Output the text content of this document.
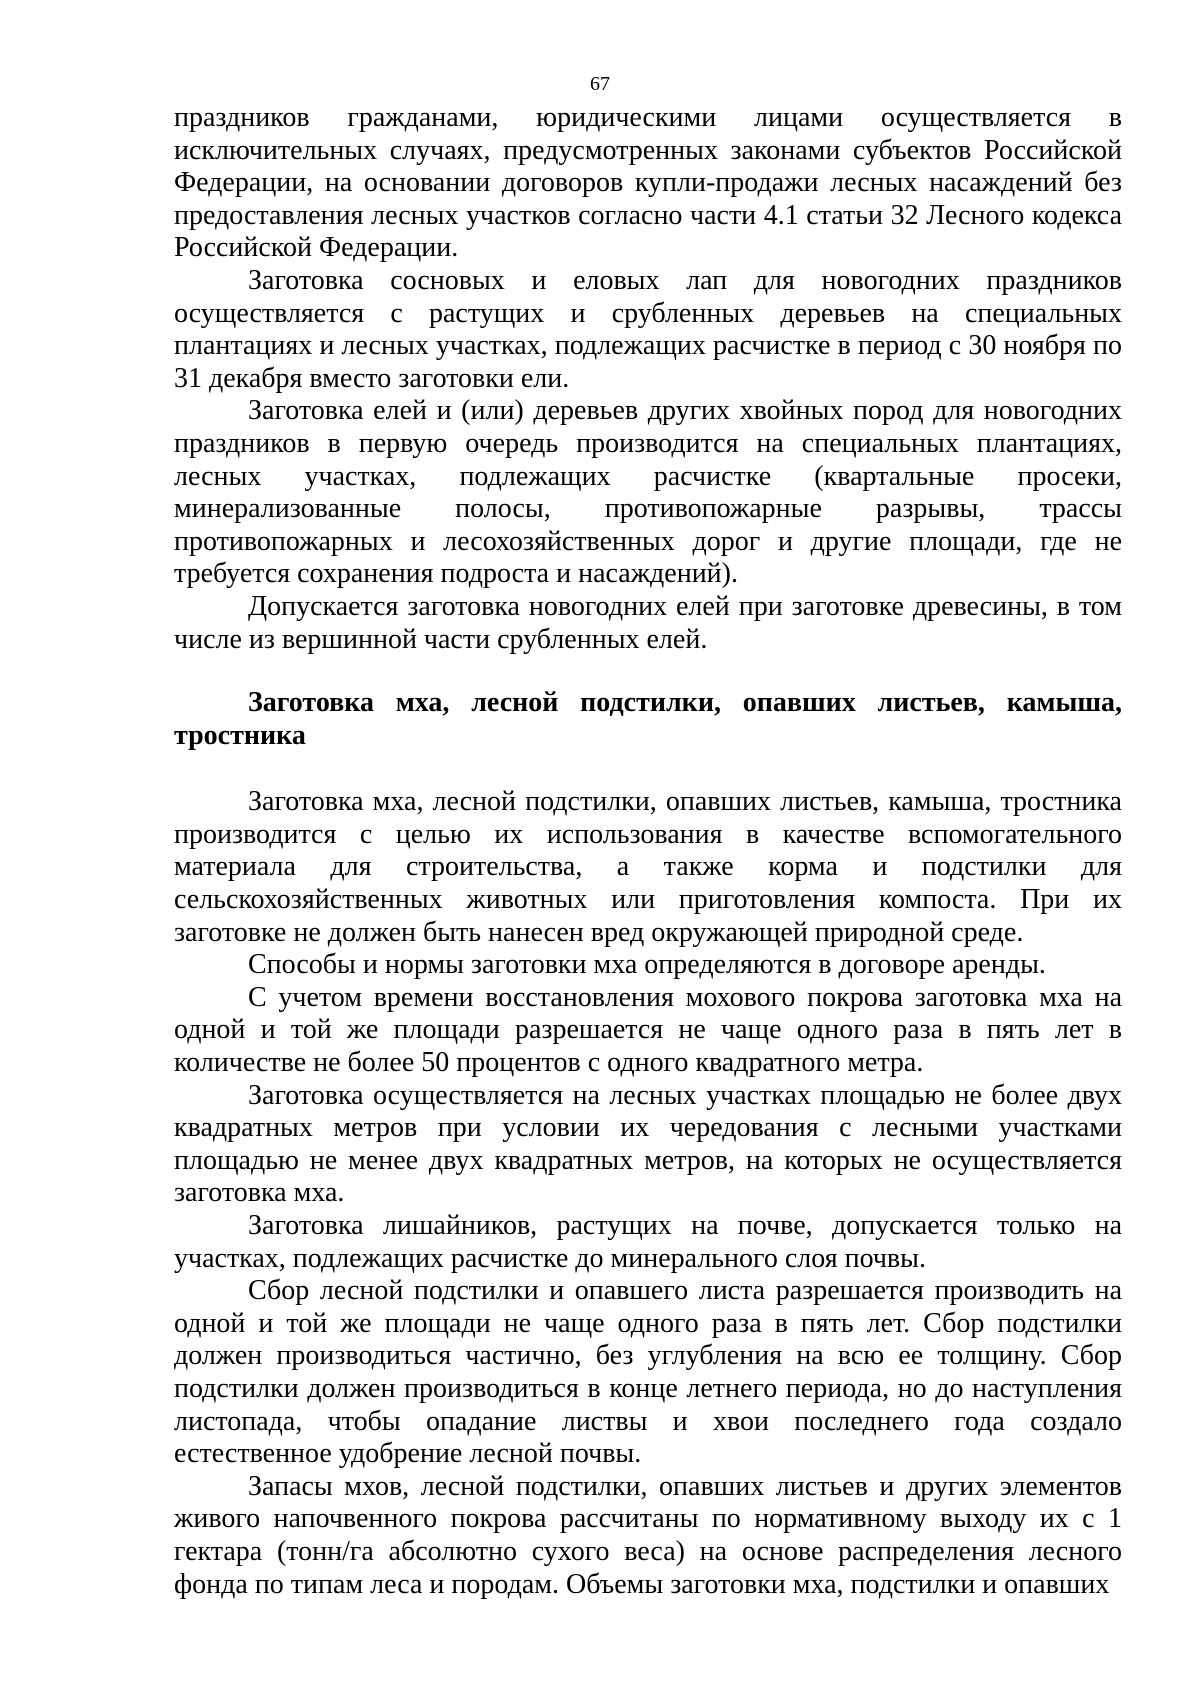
67

праздников гражданами, юридическими лицами осуществляется в исключительных случаях, предусмотренных законами субъектов Российской Федерации, на основании договоров купли-продажи лесных насаждений без предоставления лесных участков согласно части 4.1 статьи 32 Лесного кодекса Российской Федерации.

Заготовка сосновых и еловых лап для новогодних праздников осуществляется с растущих и срубленных деревьев на специальных плантациях и лесных участках, подлежащих расчистке в период с 30 ноября по 31 декабря вместо заготовки ели.

Заготовка елей и (или) деревьев других хвойных пород для новогодних праздников в первую очередь производится на специальных плантациях, лесных участках, подлежащих расчистке (квартальные просеки, минерализованные полосы, противопожарные разрывы, трассы противопожарных и лесохозяйственных дорог и другие площади, где не требуется сохранения подроста и насаждений).

Допускается заготовка новогодних елей при заготовке древесины, в том числе из вершинной части срубленных елей.

Заготовка мха, лесной подстилки, опавших листьев, камыша, тростника

Заготовка мха, лесной подстилки, опавших листьев, камыша, тростника производится с целью их использования в качестве вспомогательного материала для строительства, а также корма и подстилки для сельскохозяйственных животных или приготовления компоста. При их заготовке не должен быть нанесен вред окружающей природной среде.

Способы и нормы заготовки мха определяются в договоре аренды.

С учетом времени восстановления мохового покрова заготовка мха на одной и той же площади разрешается не чаще одного раза в пять лет в количестве не более 50 процентов с одного квадратного метра.

Заготовка осуществляется на лесных участках площадью не более двух квадратных метров при условии их чередования с лесными участками площадью не менее двух квадратных метров, на которых не осуществляется заготовка мха.

Заготовка лишайников, растущих на почве, допускается только на участках, подлежащих расчистке до минерального слоя почвы.

Сбор лесной подстилки и опавшего листа разрешается производить на одной и той же площади не чаще одного раза в пять лет. Сбор подстилки должен производиться частично, без углубления на всю ее толщину. Сбор подстилки должен производиться в конце летнего периода, но до наступления листопада, чтобы опадание листвы и хвои последнего года создало естественное удобрение лесной почвы.

Запасы мхов, лесной подстилки, опавших листьев и других элементов живого напочвенного покрова рассчитаны по нормативному выходу их с 1 гектара (тонн/га абсолютно сухого веса) на основе распределения лесного фонда по типам леса и породам. Объемы заготовки мха, подстилки и опавших
